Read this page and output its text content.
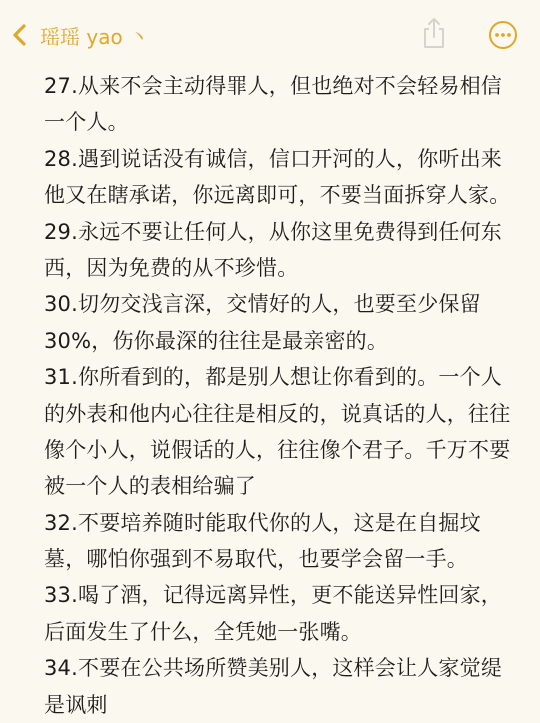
瑶瑶 yao 丶
27.从来不会主动得罪人，但也绝对不会轻易相信
一个人。
28.遇到说话没有诚信，信口开河的人，你听出来
他又在瞎承诺，你远离即可，不要当面拆穿人家。
29.永远不要让任何人，从你这里免费得到任何东
西，因为免费的从不珍惜。
30.切勿交浅言深，交情好的人，也要至少保留
30%，伤你最深的往往是最亲密的。
31.你所看到的，都是别人想让你看到的。一个人
的外表和他内心往往是相反的，说真话的人，往往
像个小人，说假话的人，往往像个君子。千万不要
被一个人的表相给骗了
32.不要培养随时能取代你的人，这是在自掘坟
墓，哪怕你强到不易取代，也要学会留一手。
33.喝了酒，记得远离异性，更不能送异性回家，
后面发生了什么，全凭她一张嘴。
34.不要在公共场所赞美别人，这样会让人家觉缇
是讽刺
